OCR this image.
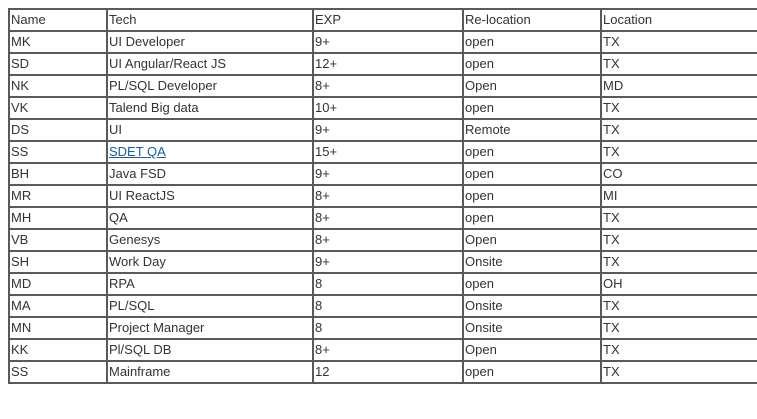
Name	Tech	EXP	Re-location	Location
MK	UI Developer	9+	open	TX
SD	UI Angular/React JS	12+	open	TX
NK	PL/SQL Developer	8+	Open	MD
VK	Talend Big data	10+	open	TX
DS	UI	9+	Remote	TX
SS	SDET QA	15+	open	TX
BH	Java FSD	9+	open	CO
MR	UI ReactJS	8+	open	MI
MH	QA	8+	open	TX
VB	Genesys	8+	Open	TX
SH	Work Day	9+	Onsite	TX
MD	RPA	8	open	OH
MA	PL/SQL	8	Onsite	TX
MN	Project Manager	8	Onsite	TX
KK	Pl/SQL DB	8+	Open	TX
SS	Mainframe	12	open	TX
